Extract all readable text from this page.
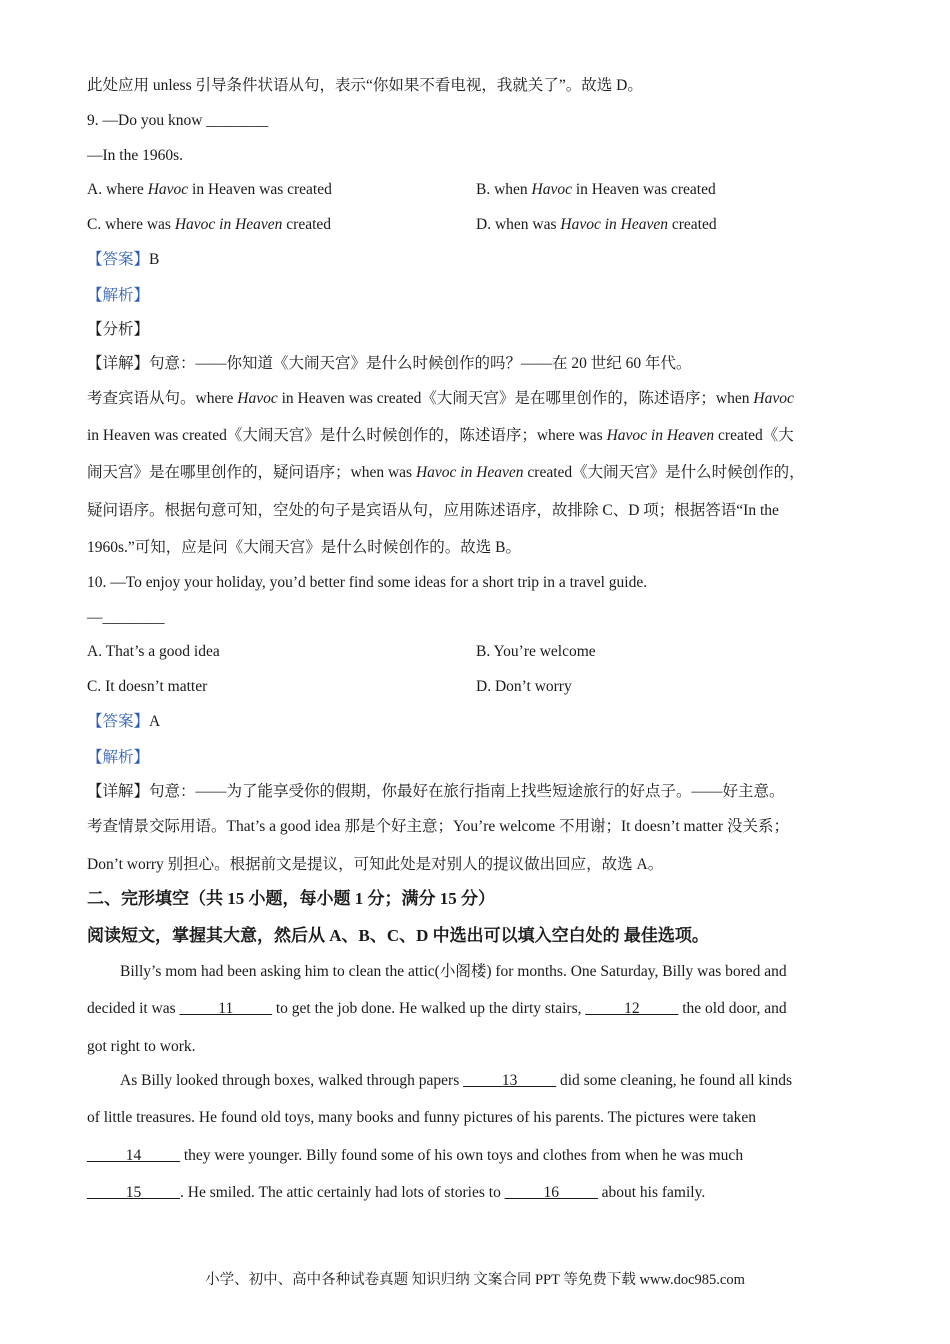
此处应用 unless 引导条件状语从句，表示“你如果不看电视，我就关了”。故选 D。
9. —Do you know ________
—In the 1960s.
A. where Havoc in Heaven was created	B. when Havoc in Heaven was created
C. where was Havoc in Heaven created	D. when was Havoc in Heaven created
【答案】B
【解析】
【分析】
【详解】句意：——你知道《大闹天宫》是什么时候创作的吗？——在 20 世纪 60 年代。
考查宾语从句。where Havoc in Heaven was created《大闹天宫》是在哪里创作的，陈述语序；when Havoc
in Heaven was created《大闹天宫》是什么时候创作的，陈述语序；where was Havoc in Heaven created《大
闹天宫》是在哪里创作的，疑问语序；when was Havoc in Heaven created《大闹天宫》是什么时候创作的，
疑问语序。根据句意可知，空处的句子是宾语从句，应用陈述语序，故排除 C、D 项；根据答语“In the
1960s.”可知，应是问《大闹天宫》是什么时候创作的。故选 B。
10. —To enjoy your holiday, you’d better find some ideas for a short trip in a travel guide.
—________
A. That’s a good idea	B. You’re welcome
C. It doesn’t matter	D. Don’t worry
【答案】A
【解析】
【详解】句意：——为了能享受你的假期，你最好在旅行指南上找些短途旅行的好点子。——好主意。
考查情景交际用语。That’s a good idea 那是个好主意；You’re welcome 不用谢；It doesn’t matter 没关系；
Don’t worry 别担心。根据前文是提议，可知此处是对别人的提议做出回应，故选 A。
二、完形填空（共 15 小题，每小题 1 分；满分 15 分）
阅读短文，掌握其大意，然后从 A、B、C、D 中选出可以填入空白处的 最佳选项。
Billy’s mom had been asking him to clean the attic(小阁楼) for months. One Saturday, Billy was bored and
decided it was _____11_____ to get the job done. He walked up the dirty stairs, _____12_____ the old door, and
got right to work.
As Billy looked through boxes, walked through papers _____13_____ did some cleaning, he found all kinds
of little treasures. He found old toys, many books and funny pictures of his parents. The pictures were taken
_____14_____ they were younger. Billy found some of his own toys and clothes from when he was much
_____15_____. He smiled. The attic certainly had lots of stories to _____16_____ about his family.
小学、初中、高中各种试卷真题 知识归纳 文案合同 PPT 等免费下载 www.doc985.com
